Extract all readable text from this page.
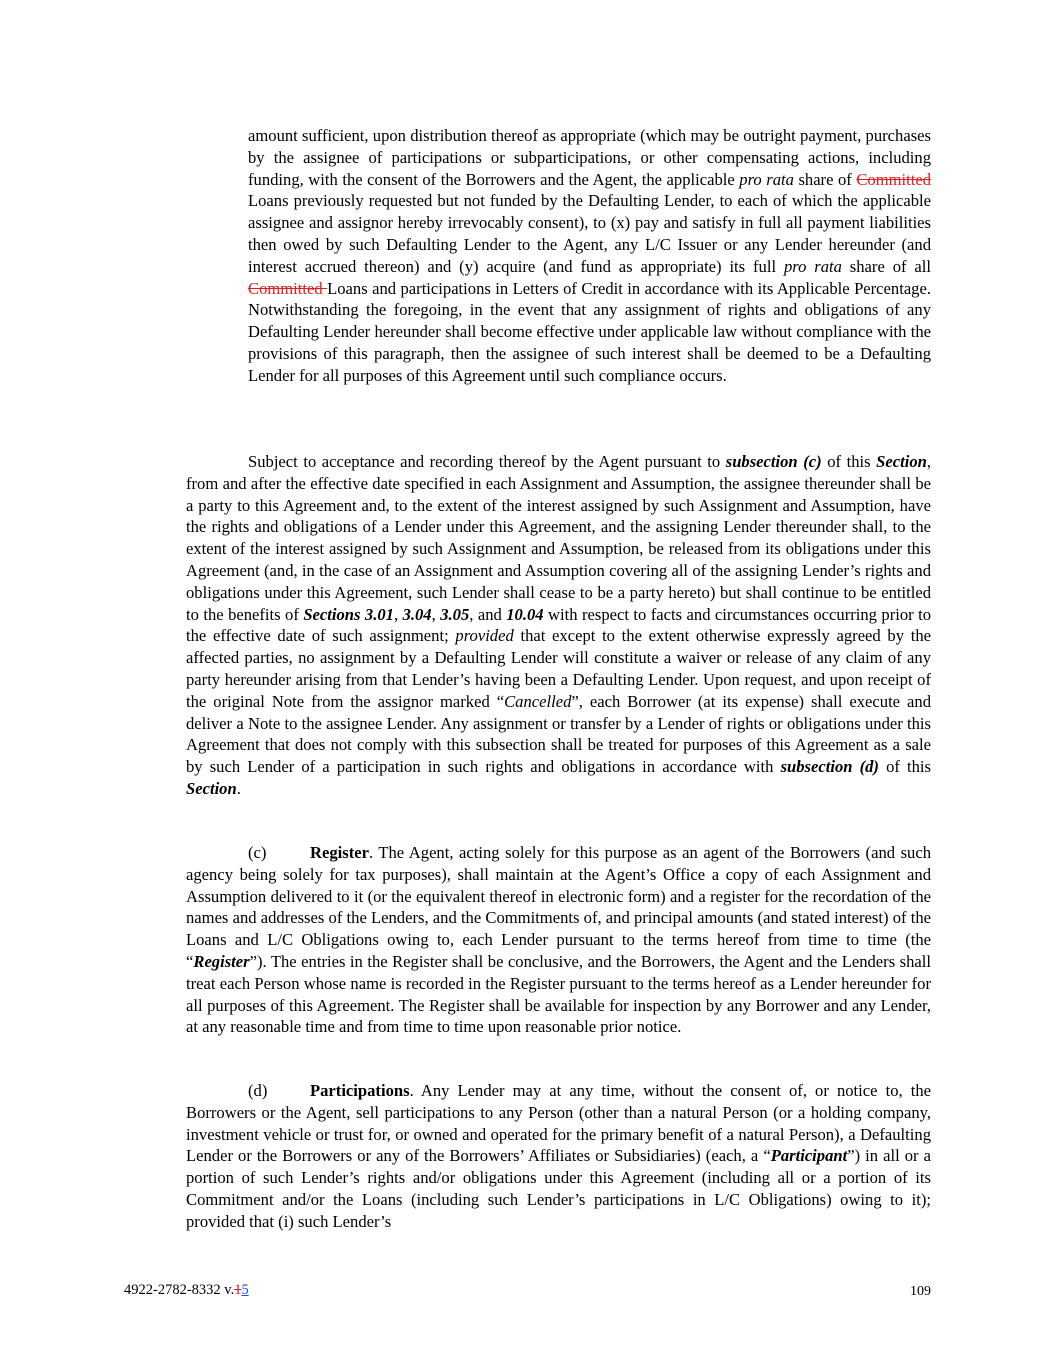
amount sufficient, upon distribution thereof as appropriate (which may be outright payment, purchases by the assignee of participations or subparticipations, or other compensating actions, including funding, with the consent of the Borrowers and the Agent, the applicable pro rata share of Committed Loans previously requested but not funded by the Defaulting Lender, to each of which the applicable assignee and assignor hereby irrevocably consent), to (x) pay and satisfy in full all payment liabilities then owed by such Defaulting Lender to the Agent, any L/C Issuer or any Lender hereunder (and interest accrued thereon) and (y) acquire (and fund as appropriate) its full pro rata share of all Committed Loans and participations in Letters of Credit in accordance with its Applicable Percentage. Notwithstanding the foregoing, in the event that any assignment of rights and obligations of any Defaulting Lender hereunder shall become effective under applicable law without compliance with the provisions of this paragraph, then the assignee of such interest shall be deemed to be a Defaulting Lender for all purposes of this Agreement until such compliance occurs.

Subject to acceptance and recording thereof by the Agent pursuant to subsection (c) of this Section, from and after the effective date specified in each Assignment and Assumption, the assignee thereunder shall be a party to this Agreement and, to the extent of the interest assigned by such Assignment and Assumption, have the rights and obligations of a Lender under this Agreement, and the assigning Lender thereunder shall, to the extent of the interest assigned by such Assignment and Assumption, be released from its obligations under this Agreement (and, in the case of an Assignment and Assumption covering all of the assigning Lender’s rights and obligations under this Agreement, such Lender shall cease to be a party hereto) but shall continue to be entitled to the benefits of Sections 3.01, 3.04, 3.05, and 10.04 with respect to facts and circumstances occurring prior to the effective date of such assignment; provided that except to the extent otherwise expressly agreed by the affected parties, no assignment by a Defaulting Lender will constitute a waiver or release of any claim of any party hereunder arising from that Lender’s having been a Defaulting Lender. Upon request, and upon receipt of the original Note from the assignor marked “Cancelled”, each Borrower (at its expense) shall execute and deliver a Note to the assignee Lender. Any assignment or transfer by a Lender of rights or obligations under this Agreement that does not comply with this subsection shall be treated for purposes of this Agreement as a sale by such Lender of a participation in such rights and obligations in accordance with subsection (d) of this Section.

(c)	Register. The Agent, acting solely for this purpose as an agent of the Borrowers (and such agency being solely for tax purposes), shall maintain at the Agent’s Office a copy of each Assignment and Assumption delivered to it (or the equivalent thereof in electronic form) and a register for the recordation of the names and addresses of the Lenders, and the Commitments of, and principal amounts (and stated interest) of the Loans and L/C Obligations owing to, each Lender pursuant to the terms hereof from time to time (the “Register”). The entries in the Register shall be conclusive, and the Borrowers, the Agent and the Lenders shall treat each Person whose name is recorded in the Register pursuant to the terms hereof as a Lender hereunder for all purposes of this Agreement. The Register shall be available for inspection by any Borrower and any Lender, at any reasonable time and from time to time upon reasonable prior notice.

(d)	Participations. Any Lender may at any time, without the consent of, or notice to, the Borrowers or the Agent, sell participations to any Person (other than a natural Person (or a holding company, investment vehicle or trust for, or owned and operated for the primary benefit of a natural Person), a Defaulting Lender or the Borrowers or any of the Borrowers’ Affiliates or Subsidiaries) (each, a “Participant”) in all or a portion of such Lender’s rights and/or obligations under this Agreement (including all or a portion of its Commitment and/or the Loans (including such Lender’s participations in L/C Obligations) owing to it); provided that (i) such Lender’s

4922-2782-8332 v.15	109
